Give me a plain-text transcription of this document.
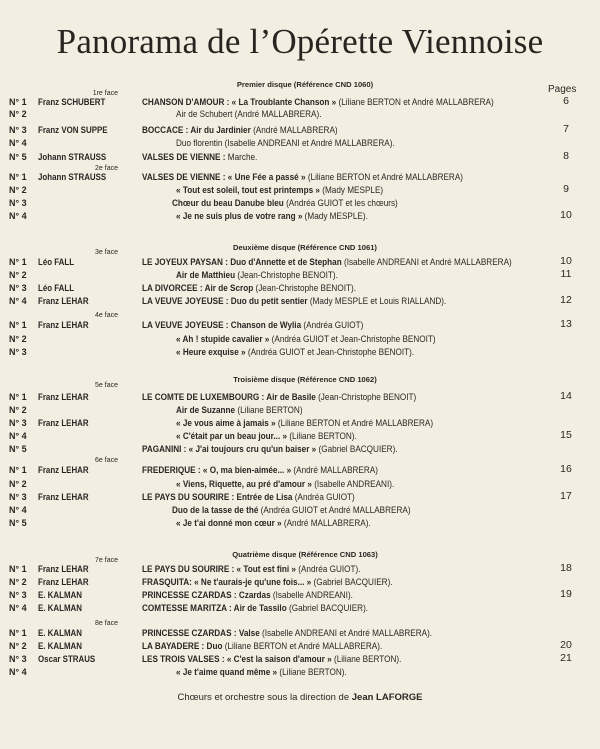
Panorama de l’Opérette Viennoise
Pages
Premier disque (Référence CND 1060)
Deuxième disque (Référence CND 1061)
Troisième disque (Référence CND 1062)
Quatrième disque (Référence CND 1063)
1re face
2e face
3e face
4e face
5e face
6e face
7e face
8e face
N° 1 Franz SCHUBERT	CHANSON D'AMOUR : « La Troublante Chanson » (Liliane BERTON et André MALLABRERA)	6
N° 2	Air de Schubert (André MALLABRERA).
N° 3 Franz VON SUPPE	BOCCACE : Air du Jardinier (André MALLABRERA)	7
N° 4	Duo florentin (Isabelle ANDREANI et André MALLABRERA).
N° 5 Johann STRAUSS	VALSES DE VIENNE : Marche.	8
N° 1 Johann STRAUSS	VALSES DE VIENNE : « Une Fée a passé » (Liliane BERTON et André MALLABRERA)
N° 2	« Tout est soleil, tout est printemps » (Mady MESPLE)	9
N° 3	Chœur du beau Danube bleu (Andréa GUIOT et les chœurs)
N° 4	« Je ne suis plus de votre rang » (Mady MESPLE).	10
N° 1 Léo FALL	LE JOYEUX PAYSAN : Duo d'Annette et de Stephan (Isabelle ANDREANI et André MALLABRERA)	10
N° 2	Air de Matthieu (Jean-Christophe BENOIT).	11
N° 3 Léo FALL	LA DIVORCEE : Air de Scrop (Jean-Christophe BENOIT).
N° 4 Franz LEHAR	LA VEUVE JOYEUSE : Duo du petit sentier (Mady MESPLE et Louis RIALLAND).	12
N° 1 Franz LEHAR	LA VEUVE JOYEUSE : Chanson de Wylia (Andréa GUIOT)	13
N° 2	« Ah ! stupide cavalier » (Andréa GUIOT et Jean-Christophe BENOIT)
N° 3	« Heure exquise » (Andréa GUIOT et Jean-Christophe BENOIT).
N° 1 Franz LEHAR	LE COMTE DE LUXEMBOURG : Air de Basile (Jean-Christophe BENOIT)	14
N° 2	Air de Suzanne (Liliane BERTON)
N° 3 Franz LEHAR	« Je vous aime à jamais » (Liliane BERTON et André MALLABRERA)
N° 4	« C'était par un beau jour... » (Liliane BERTON).	15
N° 5	PAGANINI : « J'ai toujours cru qu'un baiser » (Gabriel BACQUIER).
N° 1 Franz LEHAR	FREDERIQUE : « O, ma bien-aimée... » (André MALLABRERA)	16
N° 2	« Viens, Riquette, au pré d'amour » (Isabelle ANDREANI).
N° 3 Franz LEHAR	LE PAYS DU SOURIRE : Entrée de Lisa (Andréa GUIOT)	17
N° 4	Duo de la tasse de thé (Andréa GUIOT et André MALLABRERA)
N° 5	« Je t'ai donné mon cœur » (André MALLABRERA).
N° 1 Franz LEHAR	LE PAYS DU SOURIRE : « Tout est fini » (Andréa GUIOT).	18
N° 2 Franz LEHAR	FRASQUITA: « Ne t'aurais-je qu'une fois... » (Gabriel BACQUIER).
N° 3 E. KALMAN	PRINCESSE CZARDAS : Czardas (Isabelle ANDREANI).	19
N° 4 E. KALMAN	COMTESSE MARITZA : Air de Tassilo (Gabriel BACQUIER).
N° 1 E. KALMAN	PRINCESSE CZARDAS : Valse (Isabelle ANDREANI et André MALLABRERA).
N° 2 E. KALMAN	LA BAYADERE : Duo (Liliane BERTON et André MALLABRERA).	20
N° 3 Oscar STRAUS	LES TROIS VALSES : « C'est la saison d'amour » (Liliane BERTON).	21
N° 4	« Je t'aime quand même » (Liliane BERTON).
Chœurs et orchestre sous la direction de Jean LAFORGE
